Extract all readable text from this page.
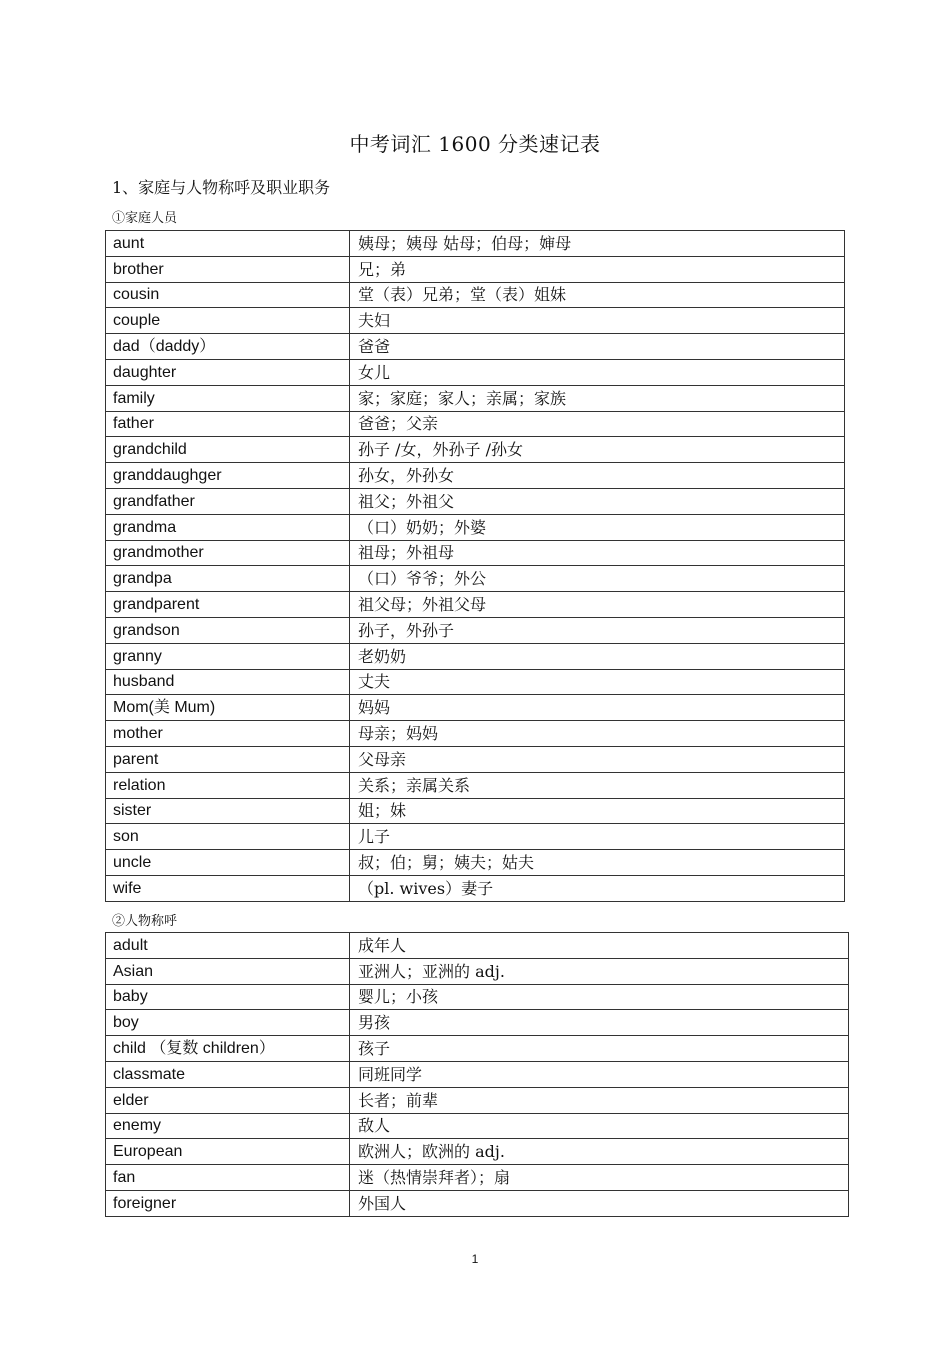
中考词汇 1600 分类速记表
1、家庭与人物称呼及职业职务
①家庭人员
aunt	姨母；姨母 姑母；伯母；婶母
brother	兄；弟
cousin	堂（表）兄弟；堂（表）姐妹
couple	夫妇
dad（daddy）	爸爸
daughter	女儿
family	家；家庭；家人；亲属；家族
father	爸爸；父亲
grandchild	孙子 /女，外孙子 /孙女
granddaughger	孙女，外孙女
grandfather	祖父；外祖父
grandma	（口）奶奶；外婆
grandmother	祖母；外祖母
grandpa	（口）爷爷；外公
grandparent	祖父母；外祖父母
grandson	孙子，外孙子
granny	老奶奶
husband	丈夫
Mom(美 Mum)	妈妈
mother	母亲；妈妈
parent	父母亲
relation	关系；亲属关系
sister	姐；妹
son	儿子
uncle	叔；伯；舅；姨夫；姑夫
wife	（pl. wives）妻子
②人物称呼
adult	成年人
Asian	亚洲人；亚洲的 adj.
baby	婴儿；小孩
boy	男孩
child （复数 children）	孩子
classmate	同班同学
elder	长者；前辈
enemy	敌人
European	欧洲人；欧洲的 adj.
fan	迷（热情崇拜者）；扇
foreigner	外国人
1
